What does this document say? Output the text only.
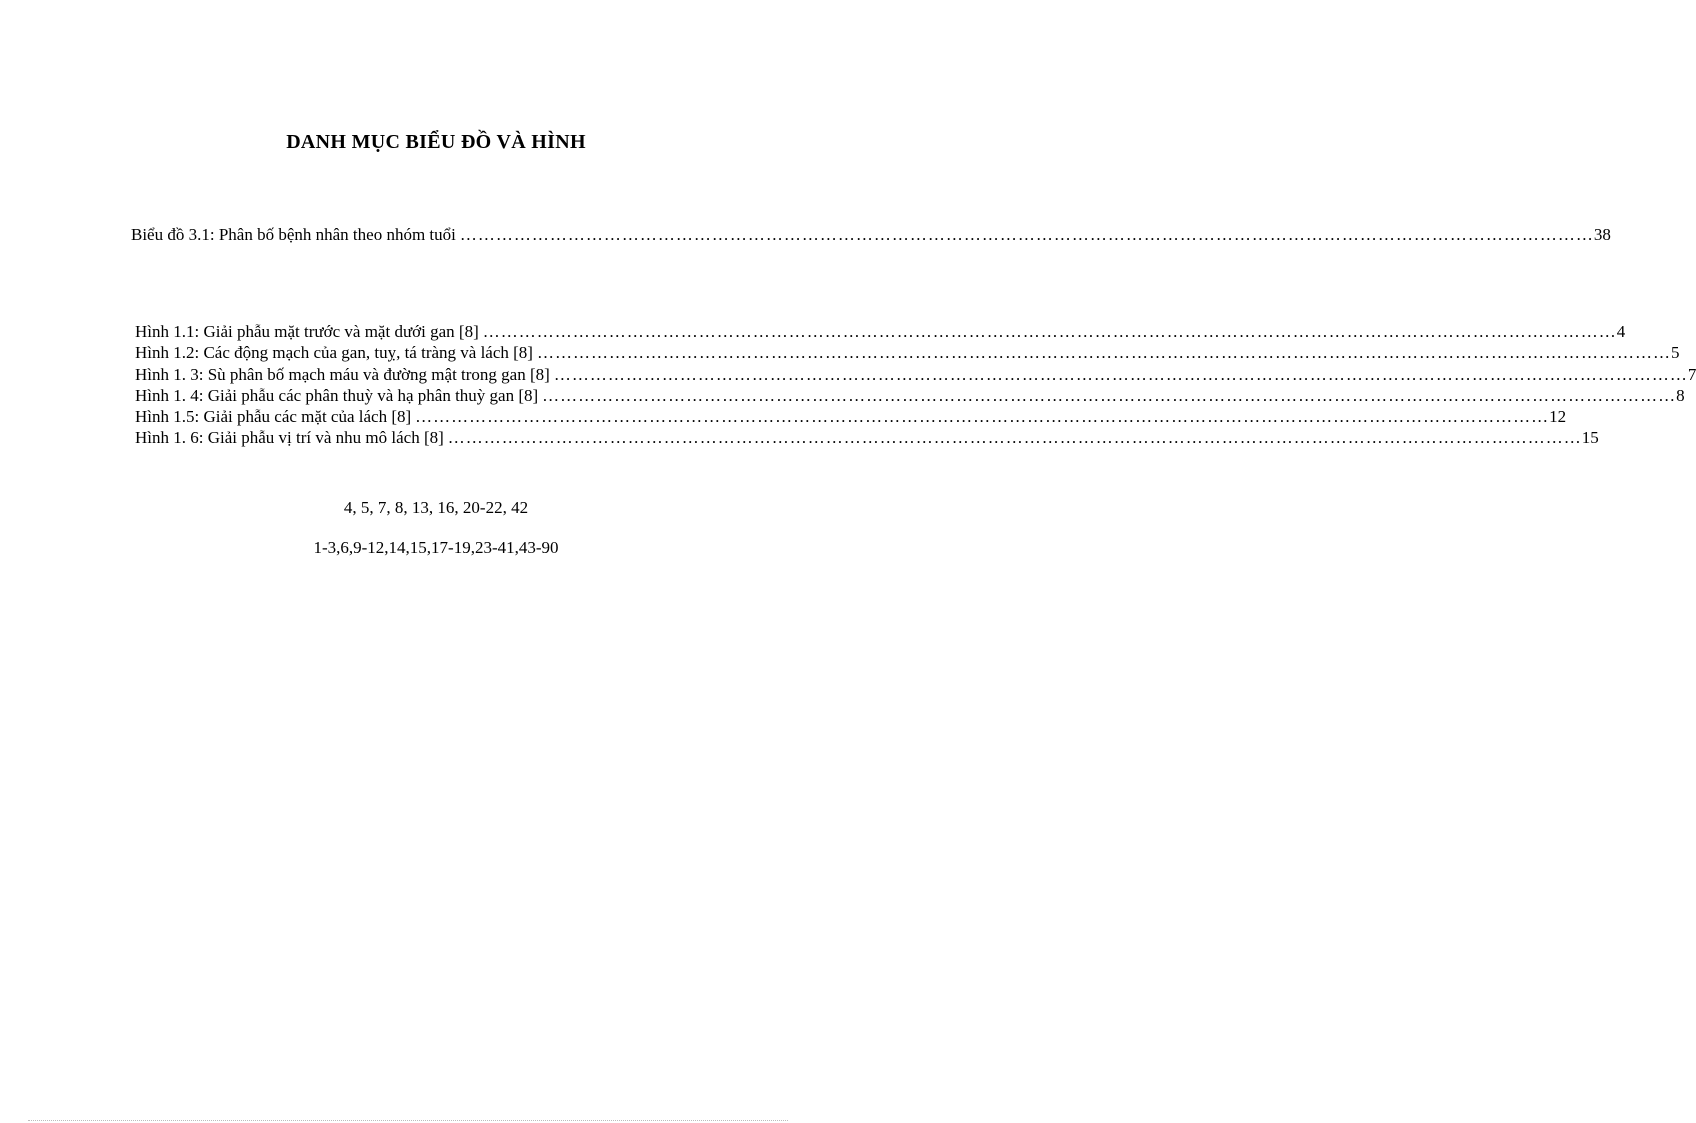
DANH MỤC BIỂU ĐỒ VÀ HÌNH
Biểu đồ 3.1: Phân bố bệnh nhân theo nhóm tuổi ……………………………………………………………………………………………………………………………………………………………………… 38
Hình 1.1: Giải phẫu mặt trước và mặt dưới gan [8] ……………………………………………………………………………………………………………………………………………………………………… 4
Hình 1.2: Các động mạch của gan, tuỵ, tá tràng và lách [8] ……………………………………………………………………………………………………………………………………………………………………… 5
Hình 1. 3: Sù phân bố mạch máu và đường mật trong gan [8] ……………………………………………………………………………………………………………………………………………………………………… 7
Hình 1. 4: Giải phẫu các phân thuỳ và hạ phân thuỳ gan [8] ……………………………………………………………………………………………………………………………………………………………………… 8
Hình 1.5: Giải phẫu các mặt của lách [8] ……………………………………………………………………………………………………………………………………………………………………… 12
Hình 1. 6: Giải phẫu vị trí và nhu mô lách [8] ……………………………………………………………………………………………………………………………………………………………………… 15
4, 5, 7, 8, 13, 16, 20-22, 42
1-3,6,9-12,14,15,17-19,23-41,43-90
